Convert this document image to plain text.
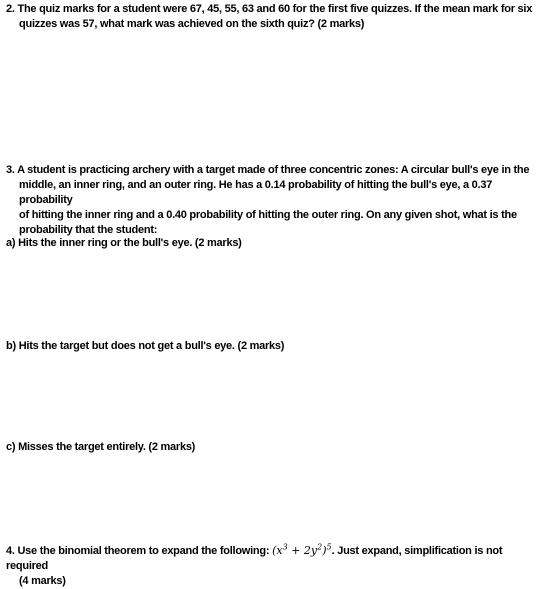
2. The quiz marks for a student were 67, 45, 55, 63 and 60 for the first five quizzes. If the mean mark for six
quizzes was 57, what mark was achieved on the sixth quiz? (2 marks)
3. A student is practicing archery with a target made of three concentric zones: A circular bull's eye in the
middle, an inner ring, and an outer ring. He has a 0.14 probability of hitting the bull's eye, a 0.37 probability
of hitting the inner ring and a 0.40 probability of hitting the outer ring. On any given shot, what is the
probability that the student:
a) Hits the inner ring or the bull's eye. (2 marks)
b) Hits the target but does not get a bull's eye. (2 marks)
c) Misses the target entirely. (2 marks)
4. Use the binomial theorem to expand the following: $(x^3 + 2y^2)^5$. Just expand, simplification is not required
(4 marks)
